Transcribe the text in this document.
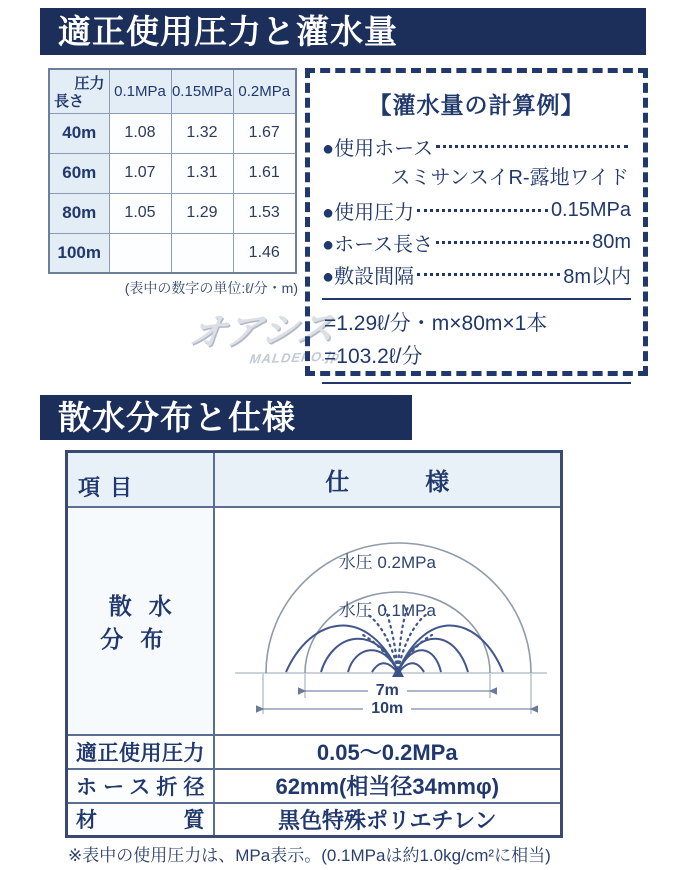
オアシス
MALDEPO.jp
適正使用圧力と灌水量
圧力
長さ	0.1MPa	0.15MPa	0.2MPa
40m	1.08	1.32	1.67
60m	1.07	1.31	1.61
80m	1.05	1.29	1.53
100m			1.46
(表中の数字の単位:ℓ/分・m)
【灌水量の計算例】
●使用ホース
スミサンスイR-露地ワイド
●使用圧力	0.15MPa
●ホース長さ	80m
●敷設間隔	8m以内
=1.29ℓ/分・m×80m×1本
=103.2ℓ/分
散水分布と仕様
項目	仕様
散水分布	水圧 0.2MPa
水圧 0.1MPa
7m
10m

適正使用圧力	0.05〜0.2MPa
ホース折径	62mm(相当径34mmφ)
材質	黒色特殊ポリエチレン
※表中の使用圧力は、MPa表示。(0.1MPaは約1.0kg/cm²に相当)
